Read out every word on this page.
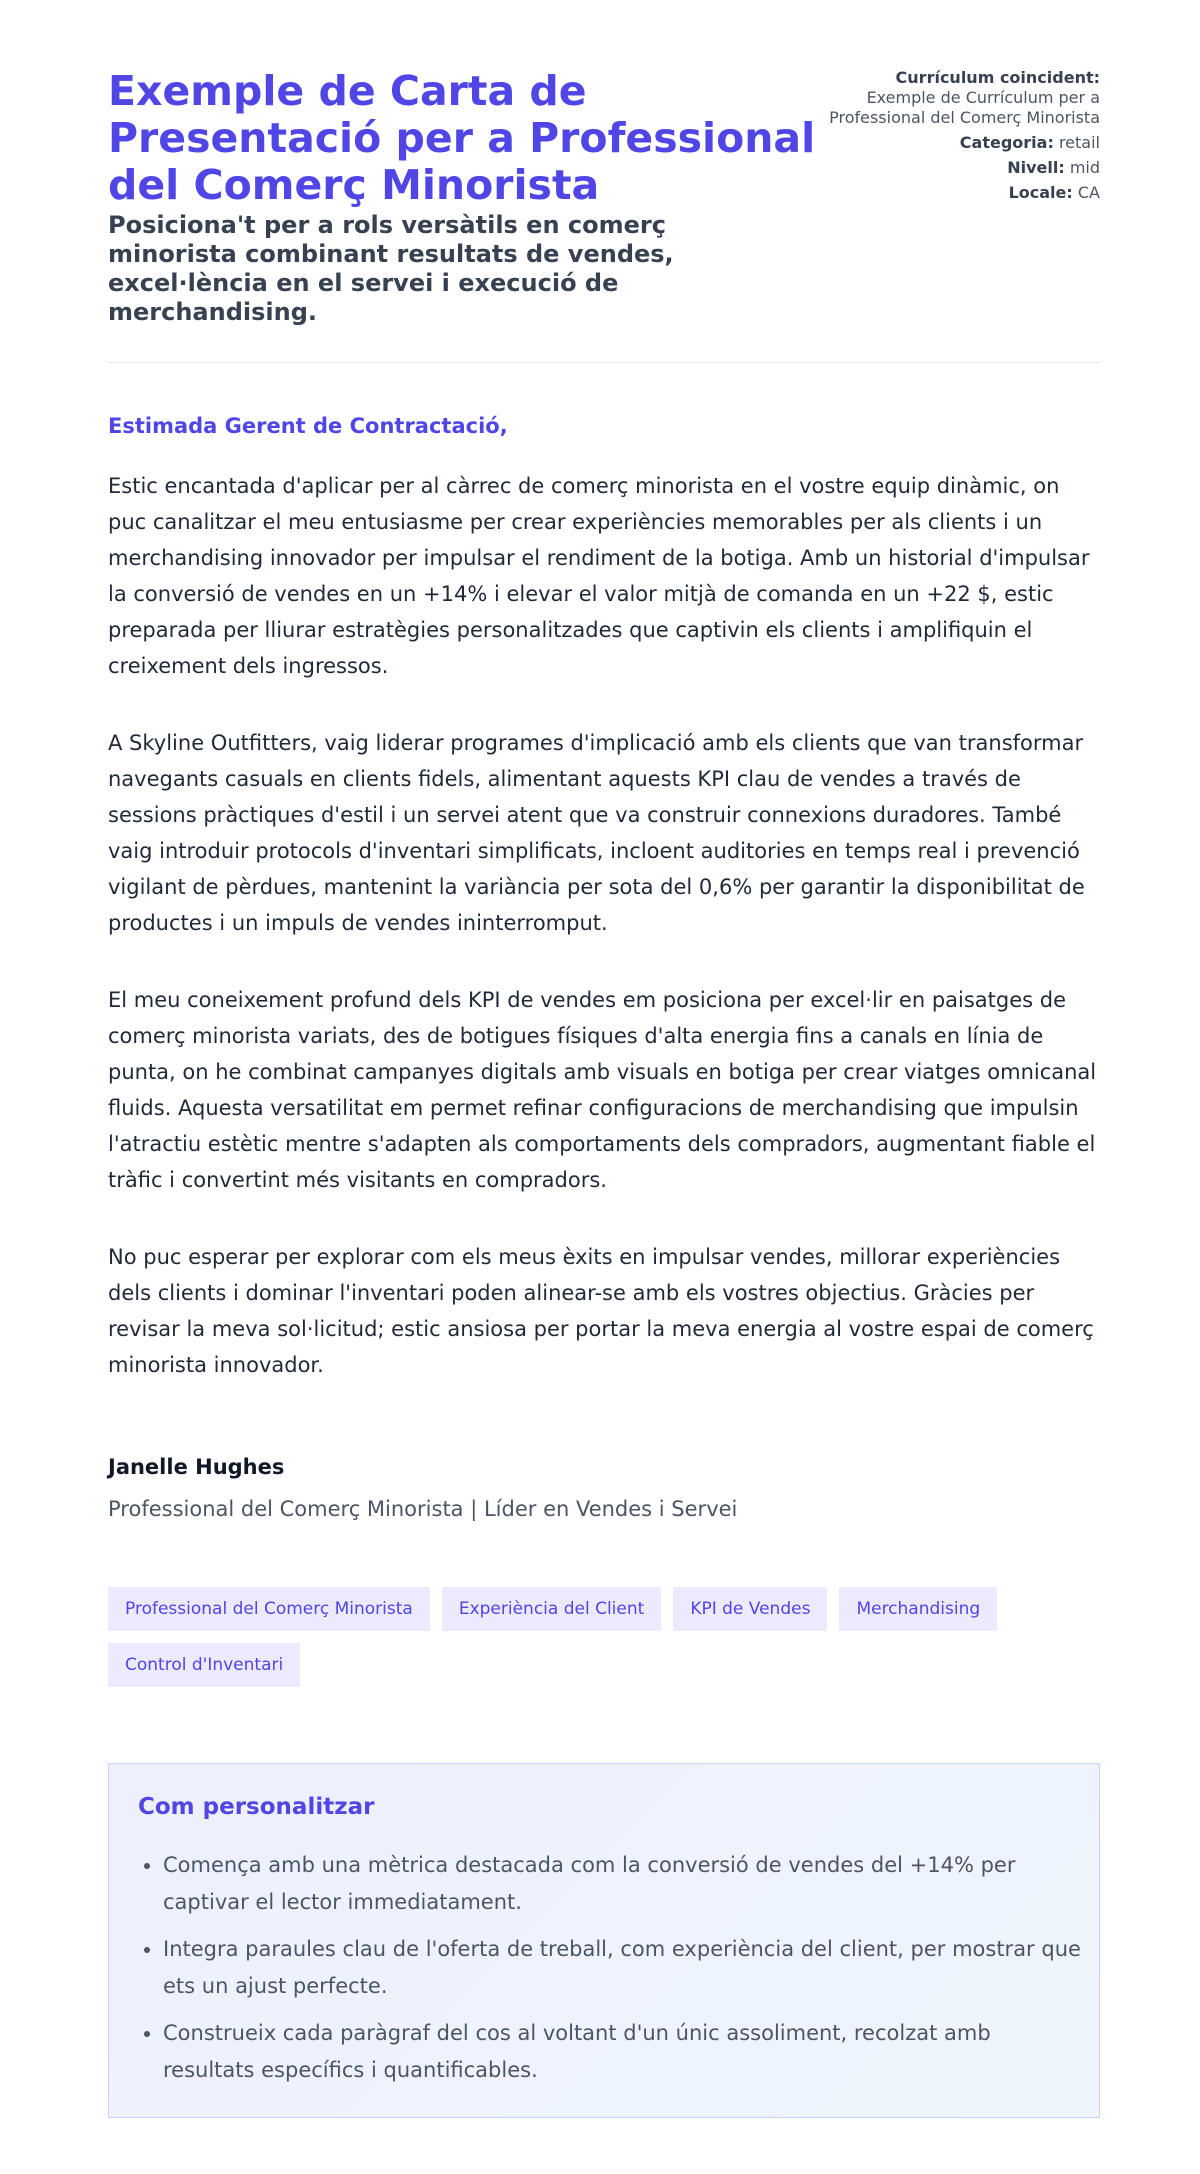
Exemple de Carta de Presentació per a Professional del Comerç Minorista
Posiciona't per a rols versàtils en comerç minorista combinant resultats de vendes, excel·lència en el servei i execució de merchandising.
Currículum coincident:
Exemple de Currículum per a Professional del Comerç Minorista
Categoria: retail
Nivell: mid
Locale: CA

Estimada Gerent de Contractació,

Estic encantada d'aplicar per al càrrec de comerç minorista en el vostre equip dinàmic, on puc canalitzar el meu entusiasme per crear experiències memorables per als clients i un merchandising innovador per impulsar el rendiment de la botiga. Amb un historial d'impulsar la conversió de vendes en un +14% i elevar el valor mitjà de comanda en un +22 $, estic preparada per lliurar estratègies personalitzades que captivin els clients i amplifiquin el creixement dels ingressos.

A Skyline Outfitters, vaig liderar programes d'implicació amb els clients que van transformar navegants casuals en clients fidels, alimentant aquests KPI clau de vendes a través de sessions pràctiques d'estil i un servei atent que va construir connexions duradores. També vaig introduir protocols d'inventari simplificats, incloent auditories en temps real i prevenció vigilant de pèrdues, mantenint la variància per sota del 0,6% per garantir la disponibilitat de productes i un impuls de vendes ininterromput.

El meu coneixement profund dels KPI de vendes em posiciona per excel·lir en paisatges de comerç minorista variats, des de botigues físiques d'alta energia fins a canals en línia de punta, on he combinat campanyes digitals amb visuals en botiga per crear viatges omnicanal fluids. Aquesta versatilitat em permet refinar configuracions de merchandising que impulsin l'atractiu estètic mentre s'adapten als comportaments dels compradors, augmentant fiable el tràfic i convertint més visitants en compradors.

No puc esperar per explorar com els meus èxits en impulsar vendes, millorar experiències dels clients i dominar l'inventari poden alinear-se amb els vostres objectius. Gràcies per revisar la meva sol·licitud; estic ansiosa per portar la meva energia al vostre espai de comerç minorista innovador.

Janelle Hughes

Professional del Comerç Minorista | Líder en Vendes i Servei

Professional del Comerç Minorista	Experiència del Client	KPI de Vendes	Merchandising
Control d'Inventari
Com personalitzar
• Comença amb una mètrica destacada com la conversió de vendes del +14% per captivar el lector immediatament.
• Integra paraules clau de l'oferta de treball, com experiència del client, per mostrar que ets un ajust perfecte.
• Construeix cada paràgraf del cos al voltant d'un únic assoliment, recolzat amb resultats específics i quantificables.
